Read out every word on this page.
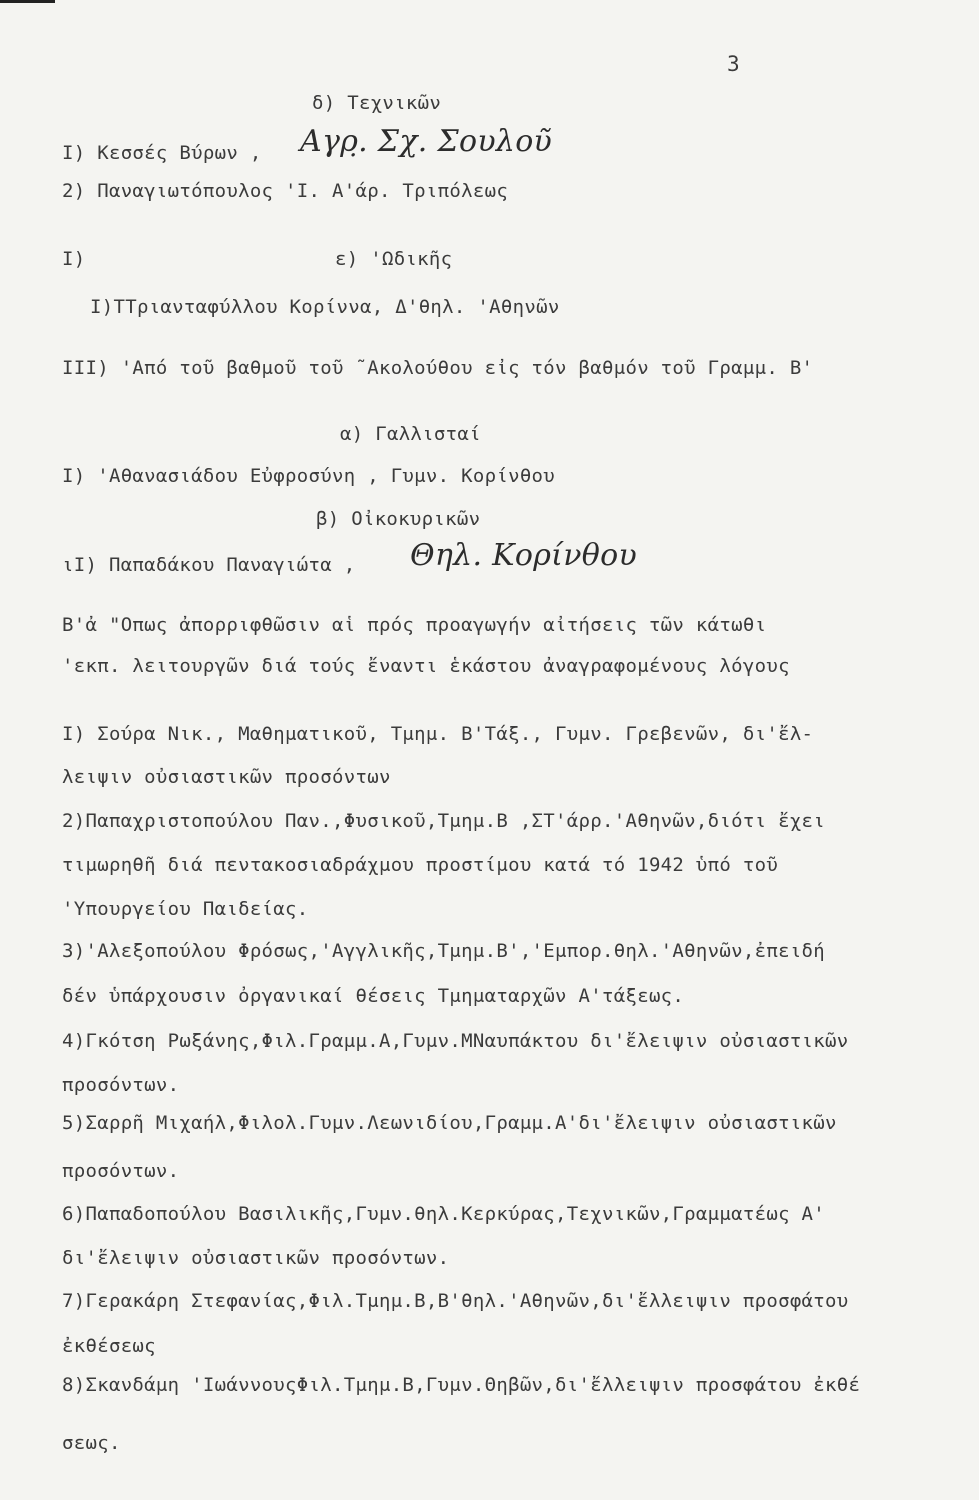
3
δ) Τεχνικῶν
I) Κεσσές Βύρων , Αγρ̣. Σχ. Σουλου̃
2) Παναγιωτόπουλος 'Ι. Α'άρ. Τριπόλεως
I)	ε) 'Ωδικῆς
I)ΤΤριανταφύλλου Κορίννα, Δ'θηλ. 'Αθηνῶν
III) 'Από τοῦ βαθμοῦ τοῦ ˜Ακολούθου εἰς τόν βαθμόν τοῦ Γραμμ. Β'
α) Γαλλισταί
I) 'Αθανασιάδου Εὐφροσύνη , Γυμν. Κορίνθου
β) Οἰκοκυρικῶν
ιI) Παπαδάκου Παναγιώτα , Θηλ. Κορίνθου
Β'ἀ "Οπως ἀπορριφθῶσιν αἱ πρός προαγωγήν αἰτήσεις τῶν κάτωθι
'εκπ. λειτουργῶν διά τούς ἔναντι ἑκάστου ἀναγραφομένους λόγους
I) Σούρα Νικ., Μαθηματικοῦ, Τμημ. Β'Τάξ., Γυμν. Γρεβενῶν, δι'ἔλ-
λειψιν οὐσιαστικῶν προσόντων
2)Παπαχριστοπούλου Παν.,Φυσικοῦ,Τμημ.Β ,ΣΤ'άρρ.'Αθηνῶν,διότι ἔχει
τιμωρηθῆ διά πεντακοσιαδράχμου προστίμου κατά τό 1942 ὑπό τοῦ
'Υπουργείου Παιδείας.
3)'Αλεξοπούλου Φρόσως,'Αγγλικῆς,Τμημ.Β','Εμπορ.θηλ.'Αθηνῶν,ἐπειδή
δέν ὑπάρχουσιν ὀργανικαί θέσεις Τμηματαρχῶν Α'τάξεως.
4)Γκότση Ρωξάνης,Φιλ.Γραμμ.Α,Γυμν.ΜΝαυπάκτου δι'ἔλειψιν οὐσιαστικῶν
προσόντων.
5)Σαρρῆ Μιχαήλ,Φιλολ.Γυμν.Λεωνιδίου,Γραμμ.Α'δι'ἔλειψιν οὐσιαστικῶν
προσόντων.
6)Παπαδοπούλου Βασιλικῆς,Γυμν.θηλ.Κερκύρας,Τεχνικῶν,Γραμματέως Α'
δι'ἔλειψιν οὐσιαστικῶν προσόντων.
7)Γερακάρη Στεφανίας,Φιλ.Τμημ.Β,Β'θηλ.'Αθηνῶν,δι'ἔλλειψιν προσφάτου
ἐκθέσεως
8)Σκανδάμη 'ΙωάννουςΦιλ.Τμημ.Β,Γυμν.Θηβῶν,δι'ἔλλειψιν προσφάτου ἐκθέ
σεως.
